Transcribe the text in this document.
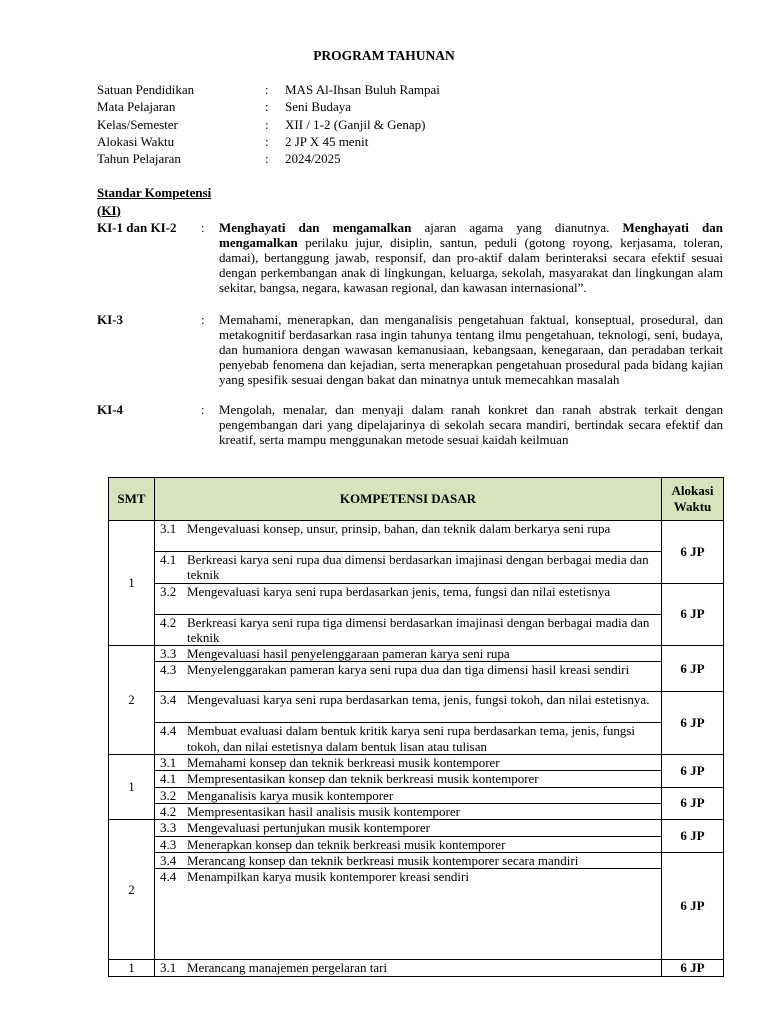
PROGRAM TAHUNAN
Satuan Pendidikan	:	MAS Al-Ihsan Buluh Rampai
Mata Pelajaran	:	Seni Budaya
Kelas/Semester	:	XII / 1-2 (Ganjil & Genap)
Alokasi Waktu	:	2 JP X 45 menit
Tahun Pelajaran	:	2024/2025
Standar Kompetensi
(KI)
KI-1 dan KI-2	: Menghayati dan mengamalkan ajaran agama yang dianutnya. Menghayati dan mengamalkan perilaku jujur, disiplin, santun, peduli (gotong royong, kerjasama, toleran, damai), bertanggung jawab, responsif, dan pro-aktif dalam berinteraksi secara efektif sesuai dengan perkembangan anak di lingkungan, keluarga, sekolah, masyarakat dan lingkungan alam sekitar, bangsa, negara, kawasan regional, dan kawasan internasional”.
KI-3	: Memahami, menerapkan, dan menganalisis pengetahuan faktual, konseptual, prosedural, dan metakognitif berdasarkan rasa ingin tahunya tentang ilmu pengetahuan, teknologi, seni, budaya, dan humaniora dengan wawasan kemanusiaan, kebangsaan, kenegaraan, dan peradaban terkait penyebab fenomena dan kejadian, serta menerapkan pengetahuan prosedural pada bidang kajian yang spesifik sesuai dengan bakat dan minatnya untuk memecahkan masalah
KI-4	: Mengolah, menalar, dan menyaji dalam ranah konkret dan ranah abstrak terkait dengan pengembangan dari yang dipelajarinya di sekolah secara mandiri, bertindak secara efektif dan kreatif, serta mampu menggunakan metode sesuai kaidah keilmuan
SMT	KOMPETENSI DASAR	Alokasi Waktu
1	3.1 Mengevaluasi konsep, unsur, prinsip, bahan, dan teknik dalam berkarya seni rupa	6 JP

	4.1 Berkreasi karya seni rupa dua dimensi berdasarkan imajinasi dengan berbagai media dan teknik	

	3.2 Mengevaluasi karya seni rupa berdasarkan jenis, tema, fungsi dan nilai estetisnya	6 JP

	4.2 Berkreasi karya seni rupa tiga dimensi berdasarkan imajinasi dengan berbagai madia dan teknik	

2	3.3 Mengevaluasi hasil penyelenggaraan pameran karya seni rupa	6 JP

	4.3 Menyelenggarakan pameran karya seni rupa dua dan tiga dimensi hasil kreasi sendiri	

	3.4 Mengevaluasi karya seni rupa berdasarkan tema, jenis, fungsi tokoh, dan nilai estetisnya.	6 JP

	4.4 Membuat evaluasi dalam bentuk kritik karya seni rupa berdasarkan tema, jenis, fungsi tokoh, dan nilai estetisnya dalam bentuk lisan atau tulisan	

1	3.1 Memahami konsep dan teknik berkreasi musik kontemporer	6 JP

	4.1 Mempresentasikan konsep dan teknik berkreasi musik kontemporer	

	3.2 Menganalisis karya musik kontemporer	6 JP

	4.2 Mempresentasikan hasil analisis musik kontemporer	

2	3.3 Mengevaluasi pertunjukan musik kontemporer	6 JP

	4.3 Menerapkan konsep dan teknik berkreasi musik kontemporer	

	3.4 Merancang konsep dan teknik berkreasi musik kontemporer secara mandiri	6 JP

	4.4 Menampilkan karya musik kontemporer kreasi sendiri	

1	3.1 Merancang manajemen pergelaran tari	6 JP
